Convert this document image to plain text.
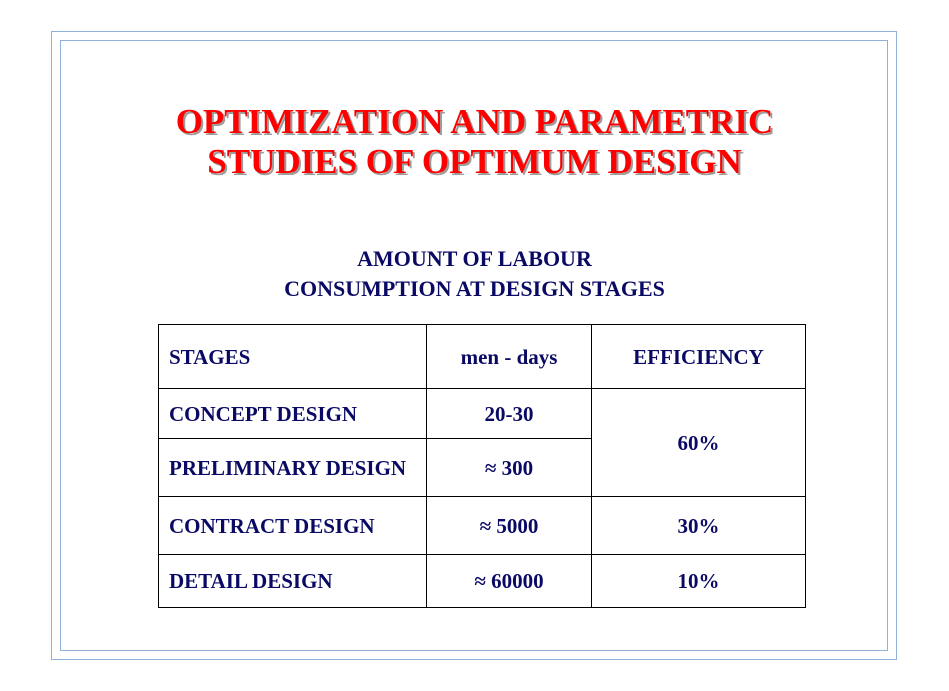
OPTIMIZATION AND PARAMETRIC
STUDIES OF OPTIMUM DESIGN
AMOUNT OF LABOUR
CONSUMPTION AT DESIGN STAGES
STAGES	men - days	EFFICIENCY
CONCEPT DESIGN	20-30	60%
PRELIMINARY DESIGN	≈ 300	
CONTRACT DESIGN	≈ 5000	30%
DETAIL DESIGN	≈ 60000	10%
